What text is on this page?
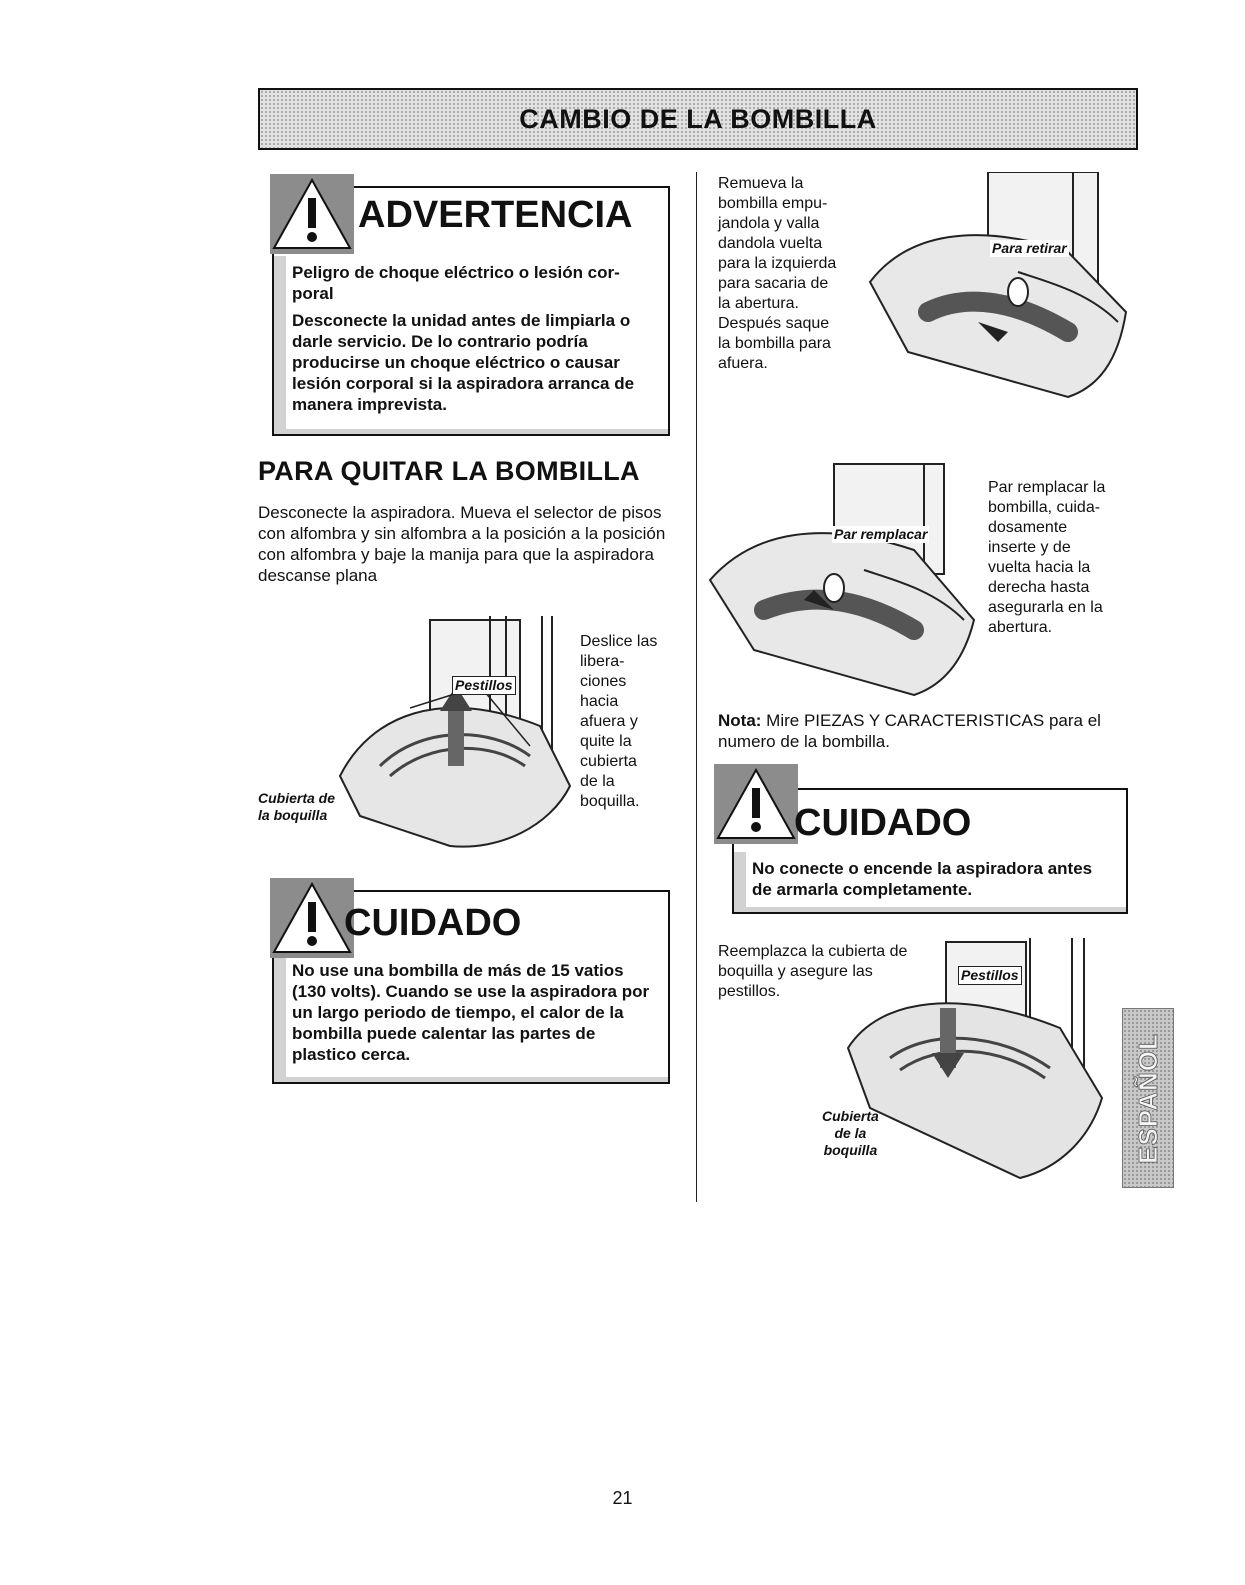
CAMBIO DE LA BOMBILLA
ADVERTENCIA

Peligro de choque eléctrico o lesión cor-poral

Desconecte la unidad antes de limpiarla o darle servicio. De lo contrario podría producirse un choque eléctrico o causar lesión corporal si la aspiradora arranca de manera imprevista.

PARA QUITAR LA BOMBILLA
Desconecte la aspiradora. Mueva el selector de pisos con alfombra y sin alfombra a la posición a la posición con alfombra y baje la manija para que la aspiradora descanse plana
Pestillos
Cubierta de
la boquilla
Deslice las
libera-
ciones
hacia
afuera y
quite la
cubierta
de la
boquilla.
CUIDADO
No use una bombilla de más de 15 vatios (130 volts). Cuando se use la aspiradora por un largo periodo de tiempo, el calor de la bombilla puede calentar las partes de plastico cerca.
Remueva la
bombilla empu-
jandola y valla
dandola vuelta
para la izquierda
para sacaria de
la abertura.
Después saque
la bombilla para
afuera.
Para retirar
Par remplacar
Par remplacar la
bombilla, cuida-
dosamente
inserte y de
vuelta hacia la
derecha hasta
asegurarla en la
abertura.
Nota: Mire PIEZAS Y CARACTERISTICAS para el numero de la bombilla.
CUIDADO
No conecte o encende la aspiradora antes de armarla completamente.
Reemplazca la cubierta de
boquilla y asegure las
pestillos.
Pestillos
Cubierta
de la
boquilla	ESPAÑOL
21
